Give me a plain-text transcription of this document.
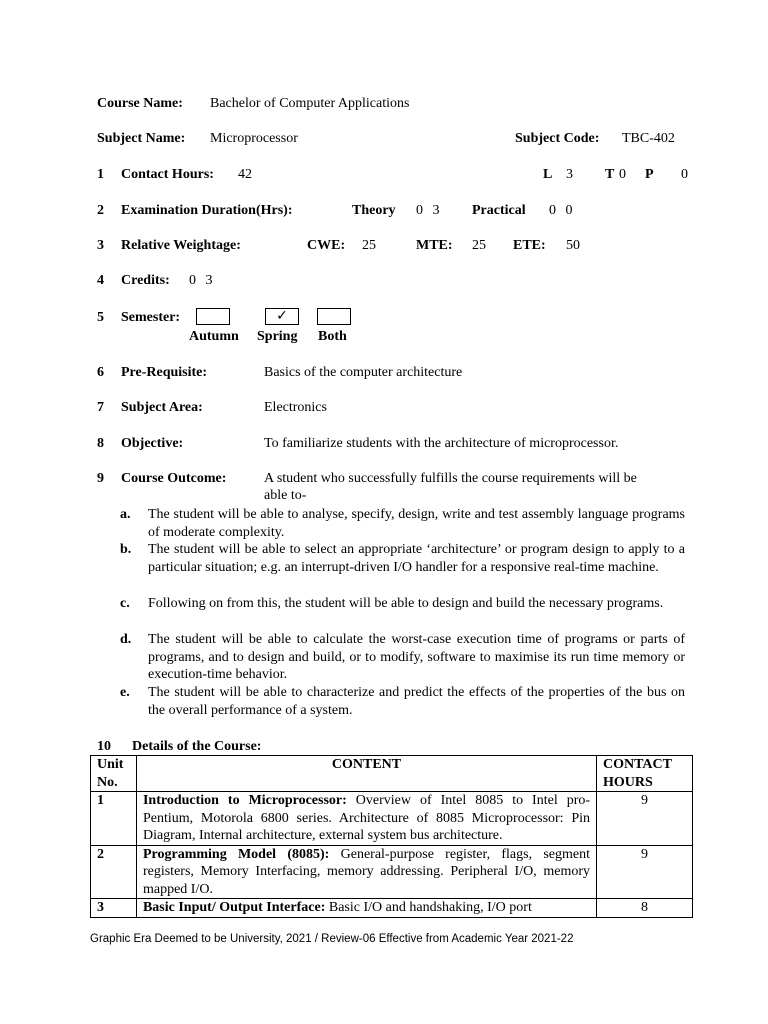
Course Name: Bachelor of Computer Applications
Subject Name: Microprocessor	Subject Code: TBC-402
1 Contact Hours: 42	L 3 T 0 P 0
2 Examination Duration(Hrs):	Theory 0 3 Practical 0 0
3 Relative Weightage:	CWE: 25	MTE: 25 ETE: 50
4 Credits: 0 3
5 Semester:	✓
Autumn Spring Both
6 Pre-Requisite:	Basics of the computer architecture
7 Subject Area:	Electronics
8 Objective:	To familiarize students with the architecture of microprocessor.
9 Course Outcome:	A student who successfully fulfills the course requirements will be
able to-
a. The student will be able to analyse, specify, design, write and test assembly language programs of moderate complexity.
b. The student will be able to select an appropriate ‘architecture’ or program design to apply to a particular situation; e.g. an interrupt-driven I/O handler for a responsive real-time machine.
c. Following on from this, the student will be able to design and build the necessary programs.
d. The student will be able to calculate the worst-case execution time of programs or parts of programs, and to design and build, or to modify, software to maximise its run time memory or execution-time behavior.
e. The student will be able to characterize and predict the effects of the properties of the bus on the overall performance of a system.
10 Details of the Course:
Unit
No.	CONTENT	CONTACT
HOURS
1	Introduction to Microprocessor: Overview of Intel 8085 to Intel pro-Pentium, Motorola 6800 series. Architecture of 8085 Microprocessor: Pin Diagram, Internal architecture, external system bus architecture.	9
2	Programming Model (8085): General-purpose register, flags, segment registers, Memory Interfacing, memory addressing. Peripheral I/O, memory mapped I/O.	9
3	Basic Input/ Output Interface: Basic I/O and handshaking, I/O port	8
Graphic Era Deemed to be University, 2021 / Review-06 Effective from Academic Year 2021-22
